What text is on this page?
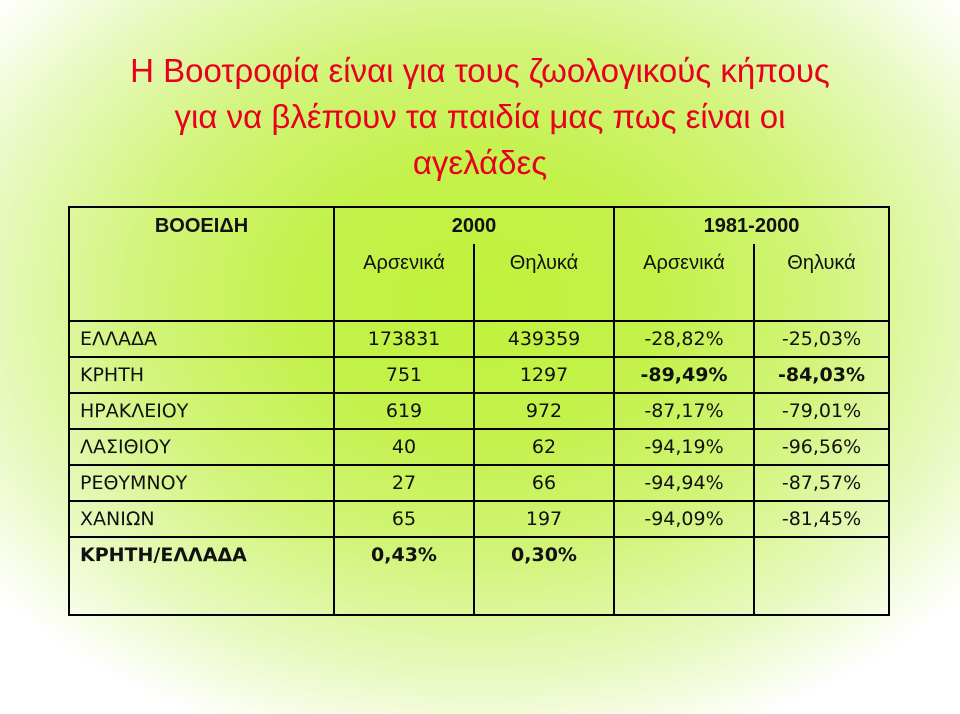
Η Βοοτροφία είναι για τους ζωολογικούς κήπους
για να βλέπουν τα παιδία μας πως είναι οι
αγελάδες
ΒΟΟΕΙΔΗ	2000		1981-2000	
	Αρσενικά	Θηλυκά	Αρσενικά	Θηλυκά

ΕΛΛΑΔΑ	173831	439359	-28,82%	-25,03%
ΚΡΗΤΗ	751	1297	-89,49%	-84,03%
ΗΡΑΚΛΕΙΟΥ	619	972	-87,17%	-79,01%
ΛΑΣΙΘΙΟΥ	40	62	-94,19%	-96,56%
ΡΕΘΥΜΝΟΥ	27	66	-94,94%	-87,57%
ΧΑΝΙΩΝ	65	197	-94,09%	-81,45%
ΚΡΗΤΗ/ΕΛΛΑΔΑ	0,43%	0,30%		
